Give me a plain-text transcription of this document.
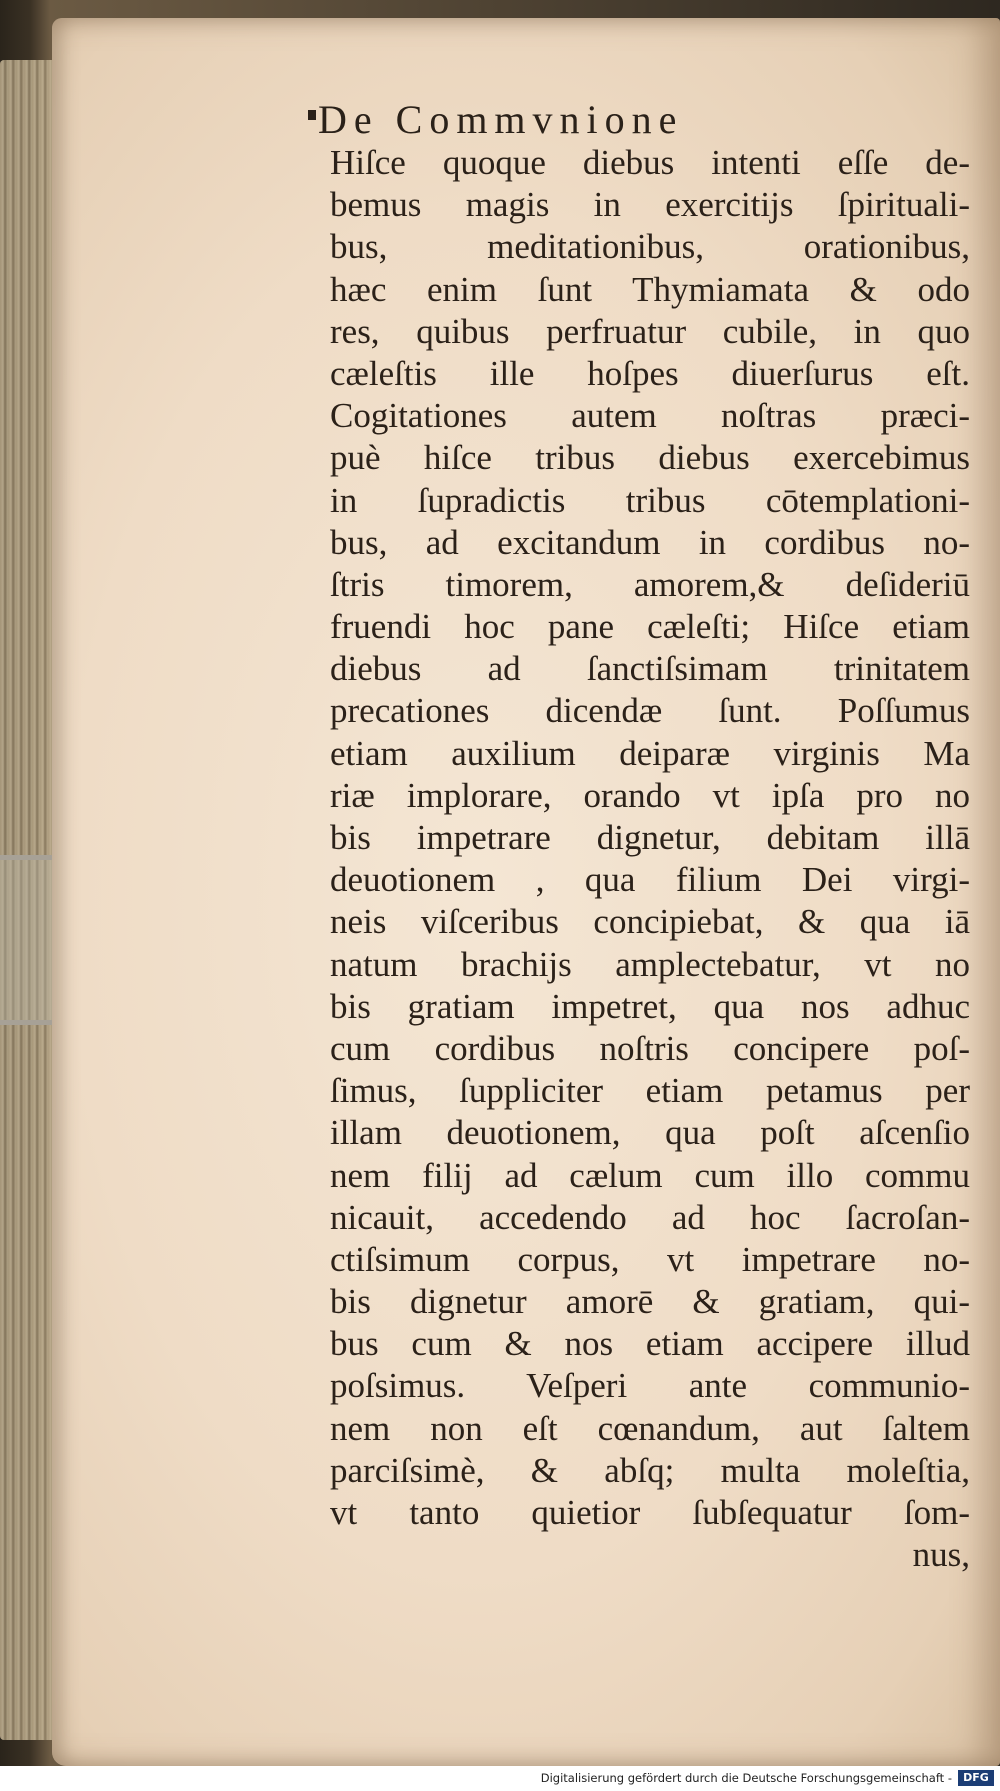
De Commvnione
Hiſce quoque diebus intenti eſſe de-
bemus magis in exercitijs ſpirituali-
bus, meditationibus, orationibus,
hæc enim ſunt Thymiamata & odo
res, quibus perfruatur cubile, in quo
cæleſtis ille hoſpes diuerſurus eſt.
Cogitationes autem noſtras præci-
puè hiſce tribus diebus exercebimus
in ſupradictis tribus cōtemplationi-
bus, ad excitandum in cordibus no-
ſtris timorem, amorem,& deſideriū
fruendi hoc pane cæleſti; Hiſce etiam
diebus ad ſanctiſsimam trinitatem
precationes dicendæ ſunt. Poſſumus
etiam auxilium deiparæ virginis Ma
riæ implorare, orando vt ipſa pro no
bis impetrare dignetur, debitam illā
deuotionem , qua filium Dei virgi-
neis viſceribus concipiebat, & qua iā
natum brachijs amplectebatur, vt no
bis gratiam impetret, qua nos adhuc
cum cordibus noſtris concipere poſ-
ſimus, ſuppliciter etiam petamus per
illam deuotionem, qua poſt aſcenſio
nem filij ad cælum cum illo commu
nicauit, accedendo ad hoc ſacroſan-
ctiſsimum corpus, vt impetrare no-
bis dignetur amorē & gratiam, qui-
bus cum & nos etiam accipere illud
poſsimus. Veſperi ante communio-
nem non eſt cœnandum, aut ſaltem
parciſsimè, & abſq; multa moleſtia,
vt tanto quietior ſubſequatur ſom-
nus,
Digitalisierung gefördert durch die Deutsche Forschungsgemeinschaft -	DFG
